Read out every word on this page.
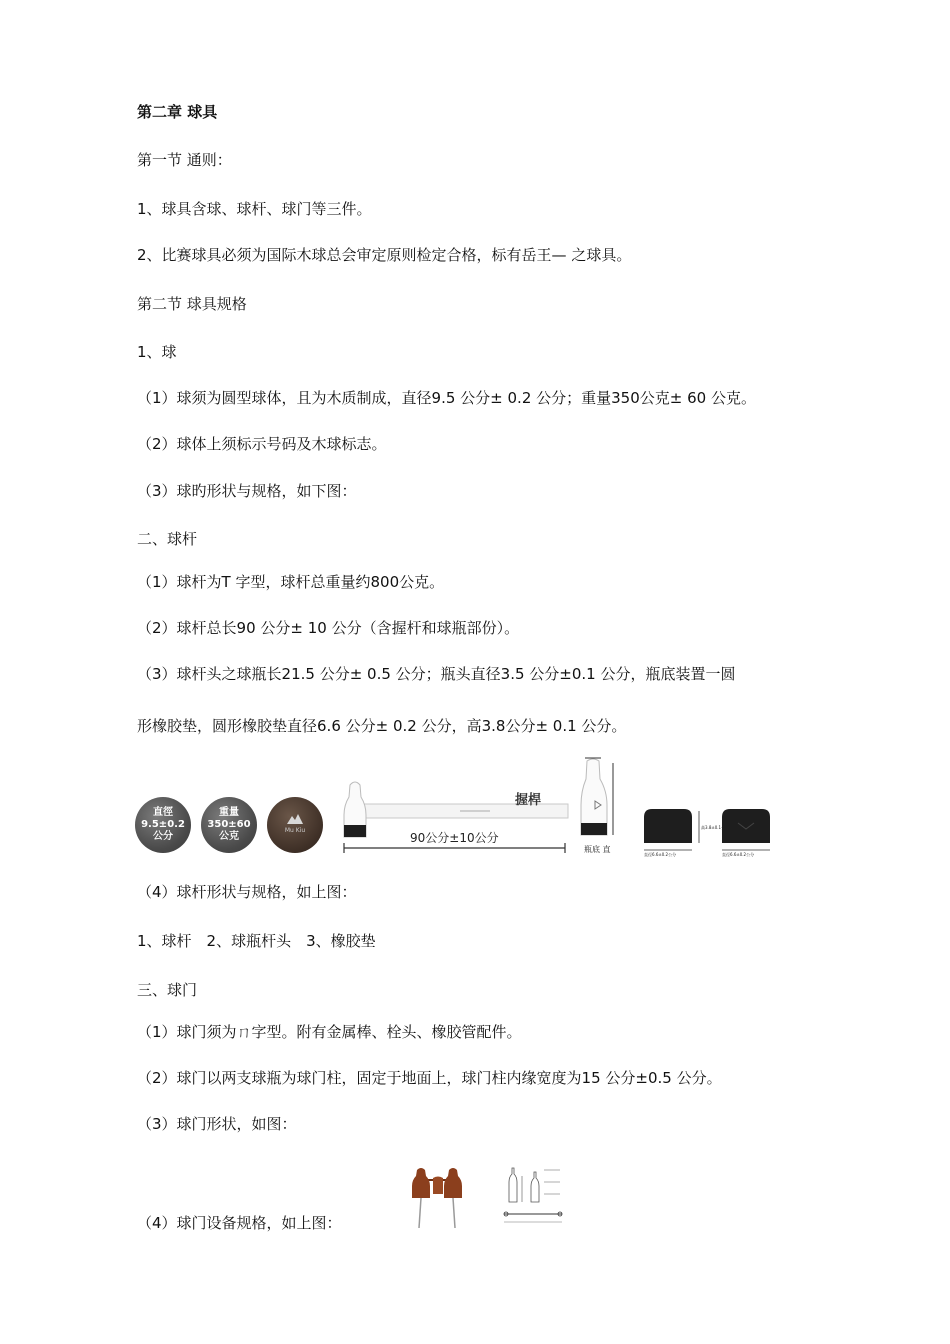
第二章 球具
第一节 通则：
1、球具含球、球杆、球门等三件。
2、比赛球具必须为国际木球总会审定原则检定合格，标有岳王— 之球具。
第二节 球具规格
1、球
（1）球须为圆型球体，且为木质制成，直径9.5 公分± 0.2 公分；重量350公克± 60 公克。
（2）球体上须标示号码及木球标志。
（3）球旳形状与规格，如下图：
二、球杆
（1）球杆为T 字型，球杆总重量约800公克。
（2）球杆总长90 公分± 10 公分（含握杆和球瓶部份）。
（3）球杆头之球瓶长21.5 公分± 0.5 公分；瓶头直径3.5 公分±0.1 公分，瓶底装置一圆
形橡胶垫，圆形橡胶垫直径6.6 公分± 0.2 公分，高3.8公分± 0.1 公分。
直徑
9.5±0.2
公分
重量
350±60
公克
Mu Kiu
握桿
90公分±10公分
瓶底 直
高3.8±0.1公分
直徑6.6±0.2公分	直徑6.6±0.2公分
（4）球杆形状与规格，如上图：
1、球杆　2、球瓶杆头　3、橡胶垫
三、球门
（1）球门须为ㄇ字型。附有金属棒、栓头、橡胶管配件。
（2）球门以两支球瓶为球门柱，固定于地面上，球门柱内缘宽度为15 公分±0.5 公分。
（3）球门形状，如图：
（4）球门设备规格，如上图：
